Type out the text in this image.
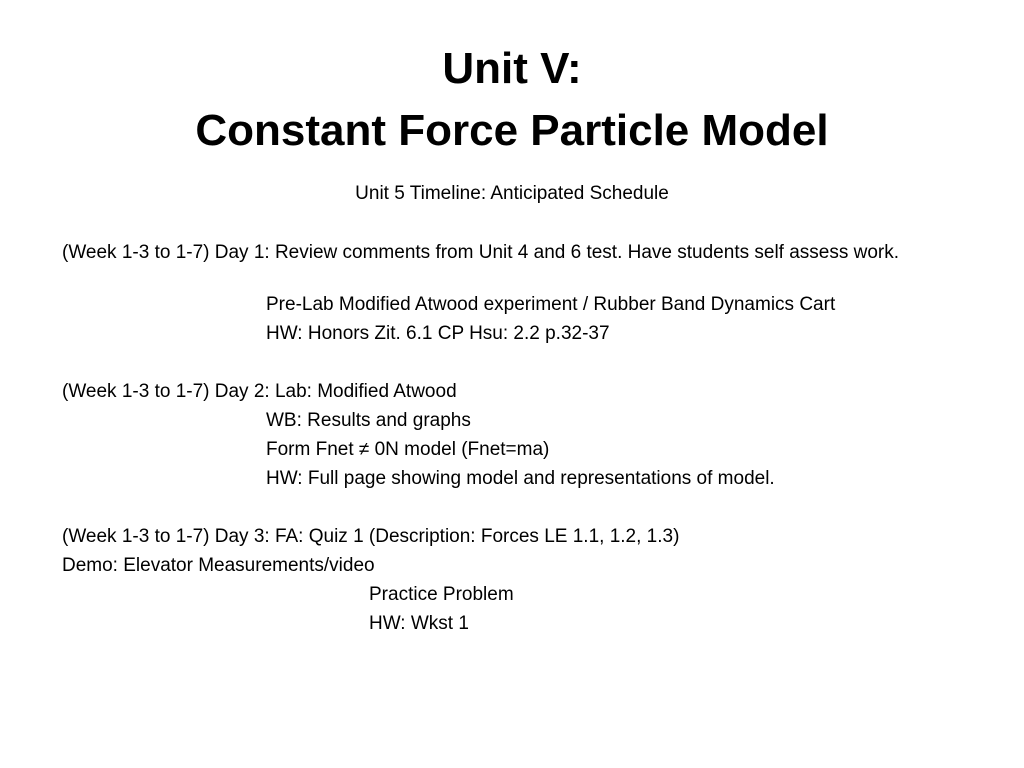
Unit V:
Constant Force Particle Model
Unit 5 Timeline: Anticipated Schedule
(Week 1-3 to 1-7) Day 1: Review comments from Unit 4 and 6 test. Have students self assess work.
Pre-Lab Modified Atwood experiment / Rubber Band Dynamics Cart
HW: Honors Zit. 6.1 CP Hsu: 2.2 p.32-37
(Week 1-3 to 1-7) Day 2: Lab: Modified Atwood
WB: Results and graphs
Form Fnet ≠ 0N model (Fnet=ma)
HW: Full page showing model and representations of model.
(Week 1-3 to 1-7) Day 3: FA: Quiz 1 (Description: Forces LE 1.1, 1.2, 1.3)
Demo: Elevator Measurements/video
Practice Problem
HW: Wkst 1
